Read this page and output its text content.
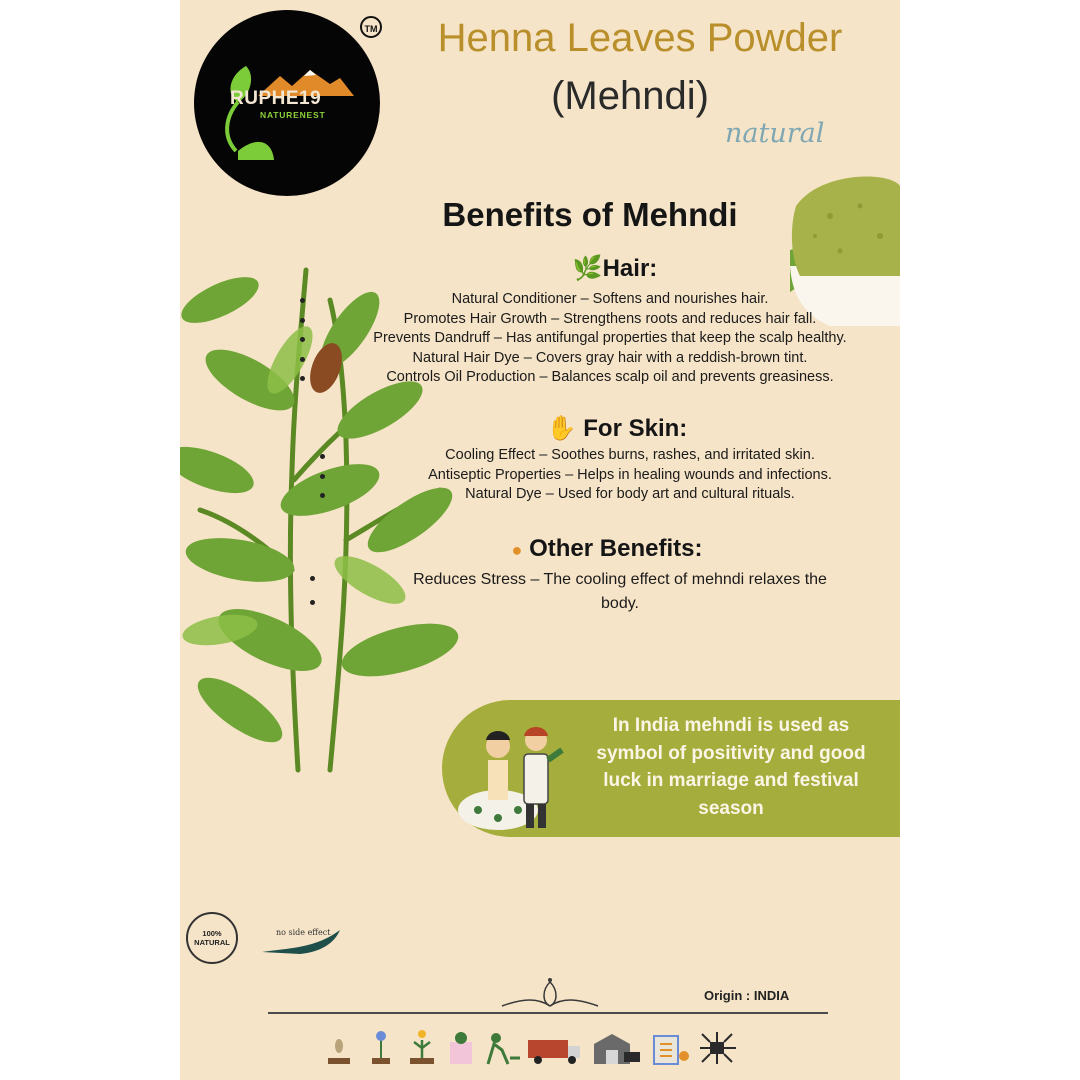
RUPHE19
NATURENEST
TM	Henna Leaves Powder
(Mehndi)
natural
Benefits of Mehndi
🌿Hair:
Natural Conditioner – Softens and nourishes hair.
Promotes Hair Growth – Strengthens roots and reduces hair fall.
Prevents Dandruff – Has antifungal properties that keep the scalp healthy.
Natural Hair Dye – Covers gray hair with a reddish-brown tint.
Controls Oil Production – Balances scalp oil and prevents greasiness.
✋ For Skin:
Cooling Effect – Soothes burns, rashes, and irritated skin.
Antiseptic Properties – Helps in healing wounds and infections.
Natural Dye – Used for body art and cultural rituals.
● Other Benefits:
Reduces Stress – The cooling effect of mehndi relaxes the
body.
In India mehndi is used as symbol of positivity and good luck in marriage and festival season
100%
NATURAL
no side effect
Origin : INDIA
